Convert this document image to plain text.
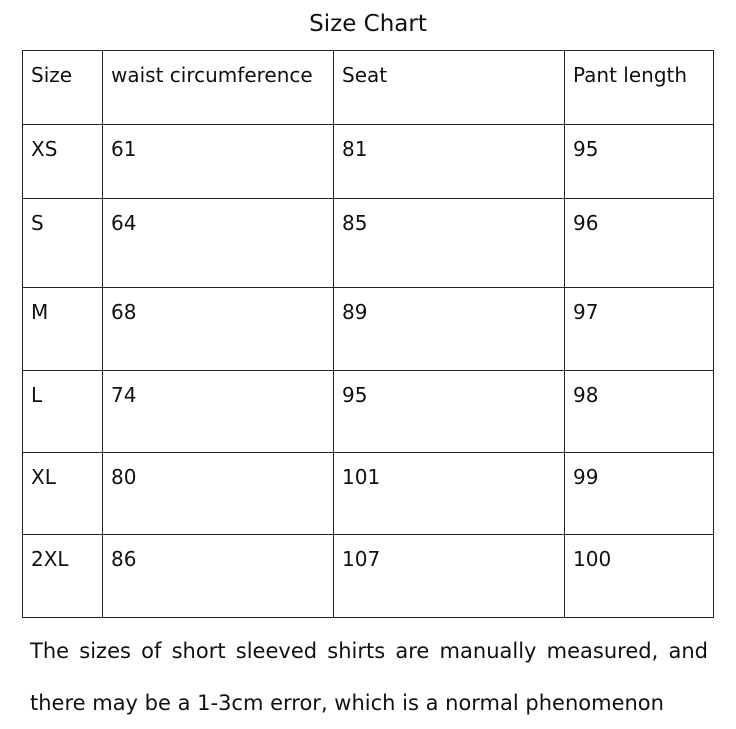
Size Chart
Size	waist circumference	Seat	Pant length
XS	61	81	95
S	64	85	96
M	68	89	97
L	74	95	98
XL	80	101	99
2XL	86	107	100

The sizes of short sleeved shirts are manually measured, and

there may be a 1-3cm error, which is a normal phenomenon
